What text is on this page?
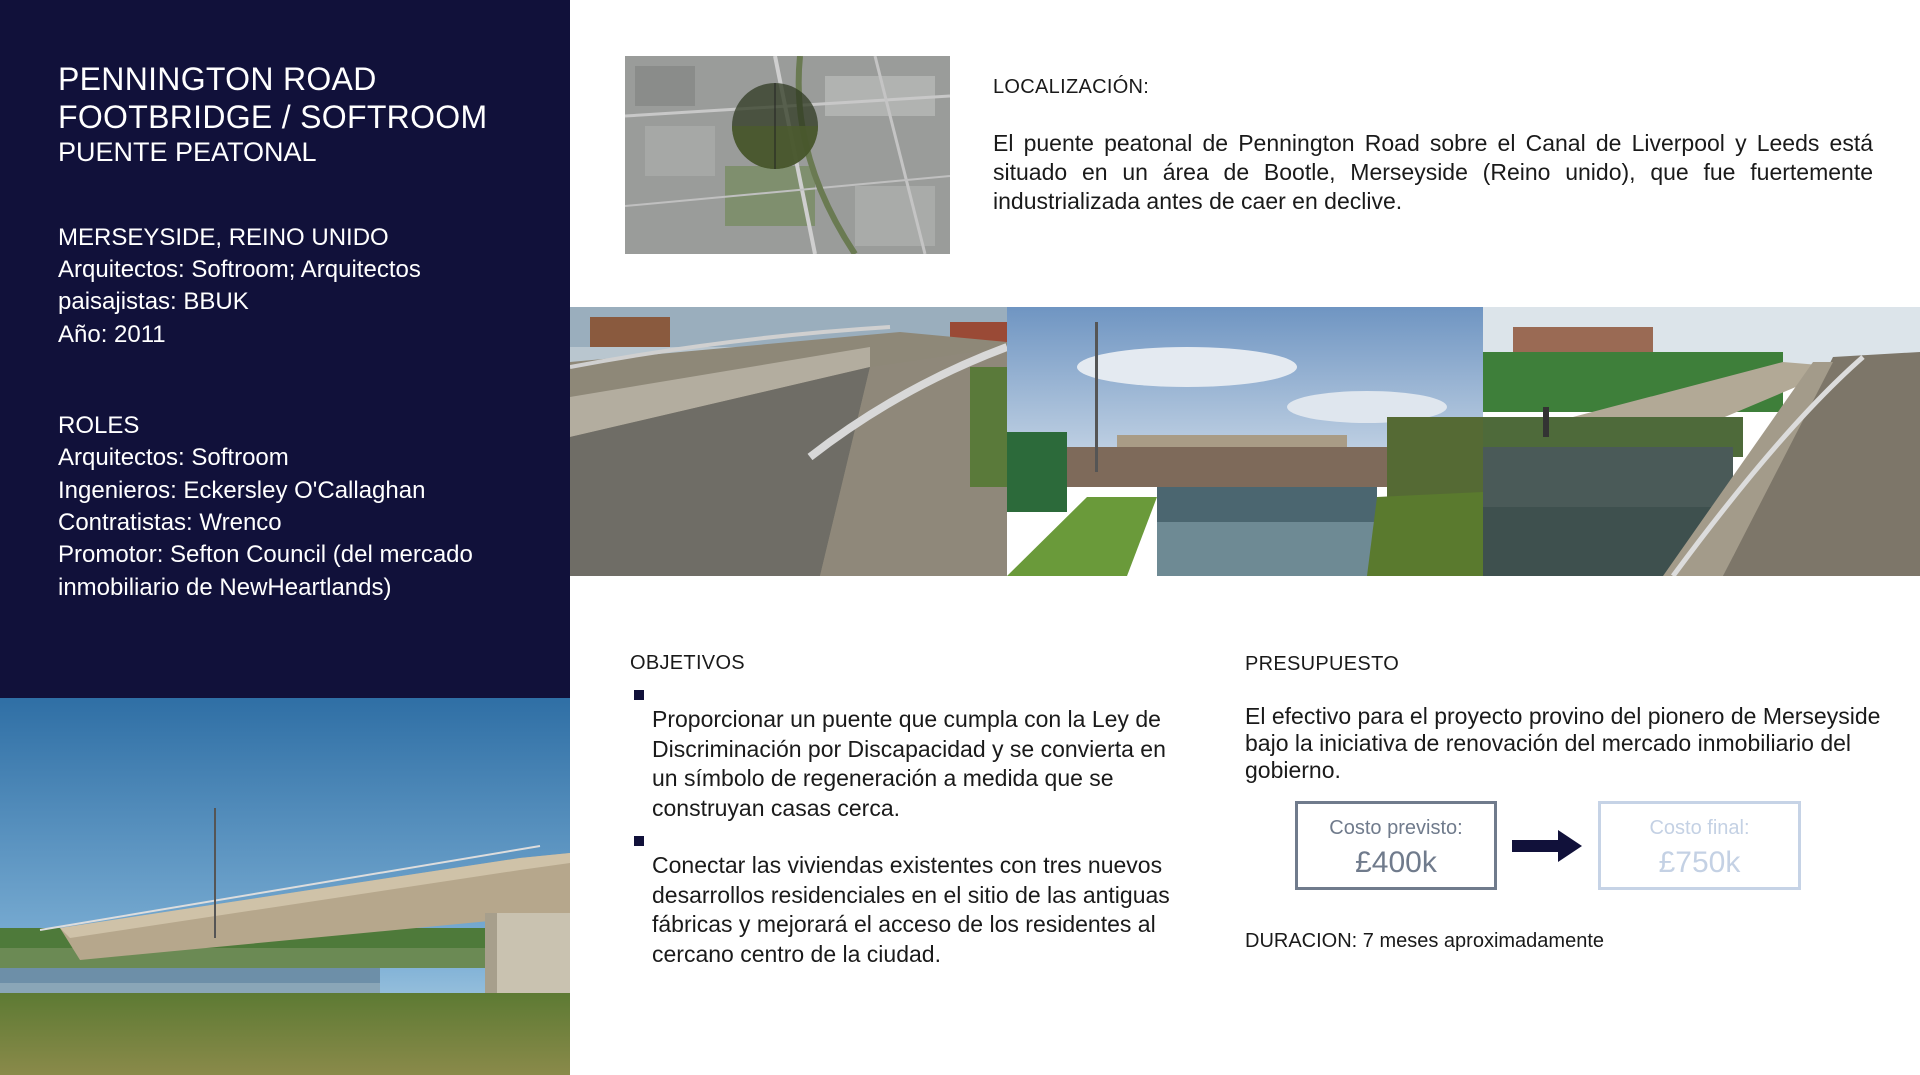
PENNINGTON ROAD
FOOTBRIDGE / SOFTROOM
PUENTE PEATONAL
MERSEYSIDE, REINO UNIDO
Arquitectos: Softroom; Arquitectos
paisajistas: BBUK
Año: 2011
ROLES
Arquitectos: Softroom
Ingenieros: Eckersley O'Callaghan
Contratistas: Wrenco
Promotor: Sefton Council (del mercado
inmobiliario de NewHeartlands)
LOCALIZACIÓN:
El puente peatonal de Pennington Road sobre el Canal de Liverpool y Leeds está situado en un área de Bootle, Merseyside (Reino unido), que fue fuertemente industrializada antes de caer en declive.
OBJETIVOS
Proporcionar un puente que cumpla con la Ley de Discriminación por Discapacidad y se convierta en un símbolo de regeneración a medida que se construyan casas cerca.
Conectar las viviendas existentes con tres nuevos desarrollos residenciales en el sitio de las antiguas fábricas y mejorará el acceso de los residentes al cercano centro de la ciudad.
PRESUPUESTO
El efectivo para el proyecto provino del pionero de Merseyside bajo la iniciativa de renovación del mercado inmobiliario del gobierno.
Costo previsto:
£400k
Costo final:
£750k
DURACION: 7 meses aproximadamente
